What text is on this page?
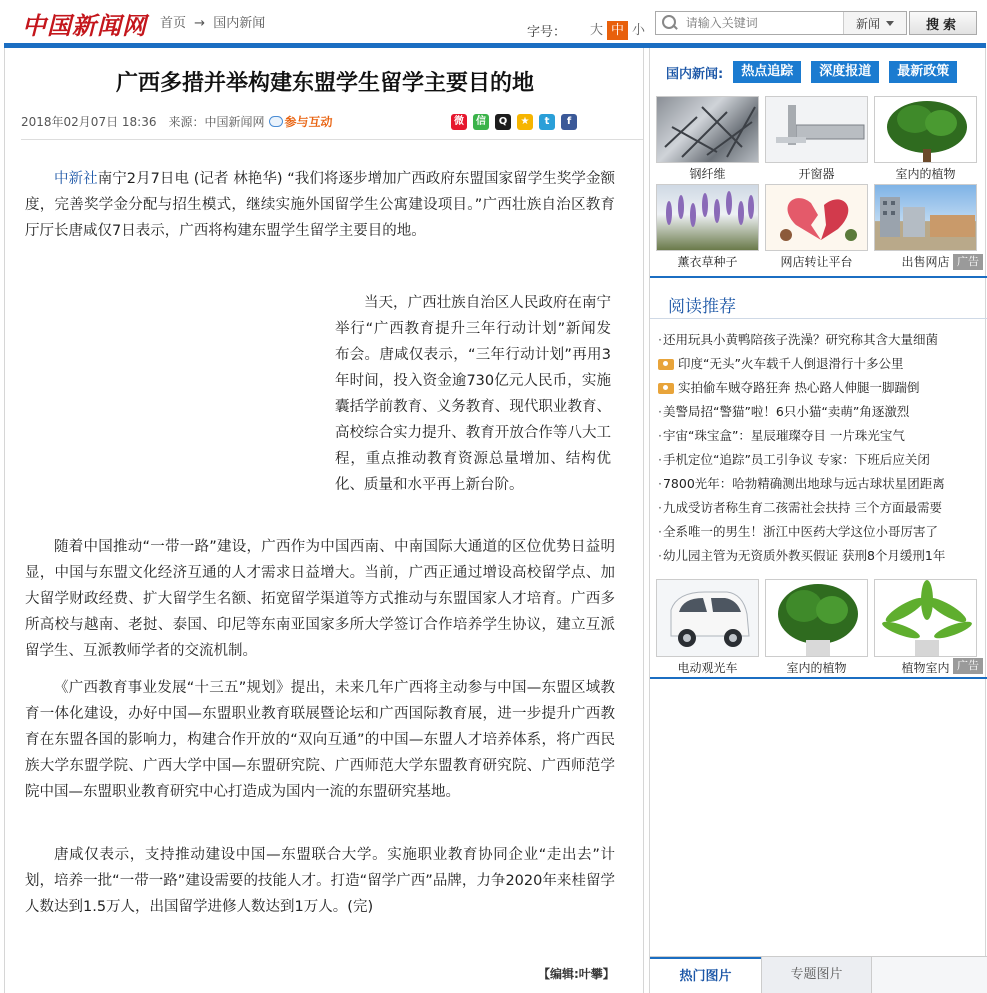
中国新闻网 首页 → 国内新闻
字号：	大 中 小
请输入关键词	新闻	搜索
广西多措并举构建东盟学生留学主要目的地
2018年02月07日 18:36 来源：中国新闻网 参与互动	微	信	Q	★	t	f

中新社南宁2月7日电 (记者 林艳华) “我们将逐步增加广西政府东盟国家留学生奖学金额度，完善奖学金分配与招生模式，继续实施外国留学生公寓建设项目。”广西壮族自治区教育厅厅长唐咸仅7日表示，广西将构建东盟学生留学主要目的地。

当天，广西壮族自治区人民政府在南宁举行“广西教育提升三年行动计划”新闻发布会。唐咸仅表示，“三年行动计划”再用3年时间，投入资金逾730亿元人民币，实施囊括学前教育、义务教育、现代职业教育、高校综合实力提升、教育开放合作等八大工程，重点推动教育资源总量增加、结构优化、质量和水平再上新台阶。

随着中国推动“一带一路”建设，广西作为中国西南、中南国际大通道的区位优势日益明显，中国与东盟文化经济互通的人才需求日益增大。当前，广西正通过增设高校留学点、加大留学财政经费、扩大留学生名额、拓宽留学渠道等方式推动与东盟国家人才培育。广西多所高校与越南、老挝、泰国、印尼等东南亚国家多所大学签订合作培养学生协议，建立互派留学生、互派教师学者的交流机制。

《广西教育事业发展“十三五”规划》提出，未来几年广西将主动参与中国—东盟区域教育一体化建设，办好中国—东盟职业教育联展暨论坛和广西国际教育展，进一步提升广西教育在东盟各国的影响力，构建合作开放的“双向互通”的中国—东盟人才培养体系，将广西民族大学东盟学院、广西大学中国—东盟研究院、广西师范大学东盟教育研究院、广西师范学院中国—东盟职业教育研究中心打造成为国内一流的东盟研究基地。

唐咸仅表示，支持推动建设中国—东盟联合大学。实施职业教育协同企业“走出去”计划，培养一批“一带一路”建设需要的技能人才。打造“留学广西”品牌，力争2020年来桂留学人数达到1.5万人，出国留学进修人数达到1万人。(完)

【编辑:叶攀】
国内新闻:	热点追踪	深度报道	最新政策
钢纤维	开窗器	室内的植物
薰衣草种子	网店转让平台	出售网店 广告
阅读推荐
· 还用玩具小黄鸭陪孩子洗澡？研究称其含大量细菌
印度“无头”火车载千人倒退滑行十多公里
实拍偷车贼夺路狂奔 热心路人伸腿一脚踹倒
· 美警局招“警猫”啦！6只小猫“卖萌”角逐激烈
· 宇宙“珠宝盒”：星辰璀璨夺目 一片珠光宝气
· 手机定位“追踪”员工引争议 专家：下班后应关闭
· 7800光年：哈勃精确测出地球与远古球状星团距离
· 九成受访者称生育二孩需社会扶持 三个方面最需要
· 全系唯一的男生！浙江中医药大学这位小哥厉害了
· 幼儿园主管为无资质外教买假证 获刑8个月缓刑1年
电动观光车	室内的植物	植物室内 广告
热门图片	专题图片
